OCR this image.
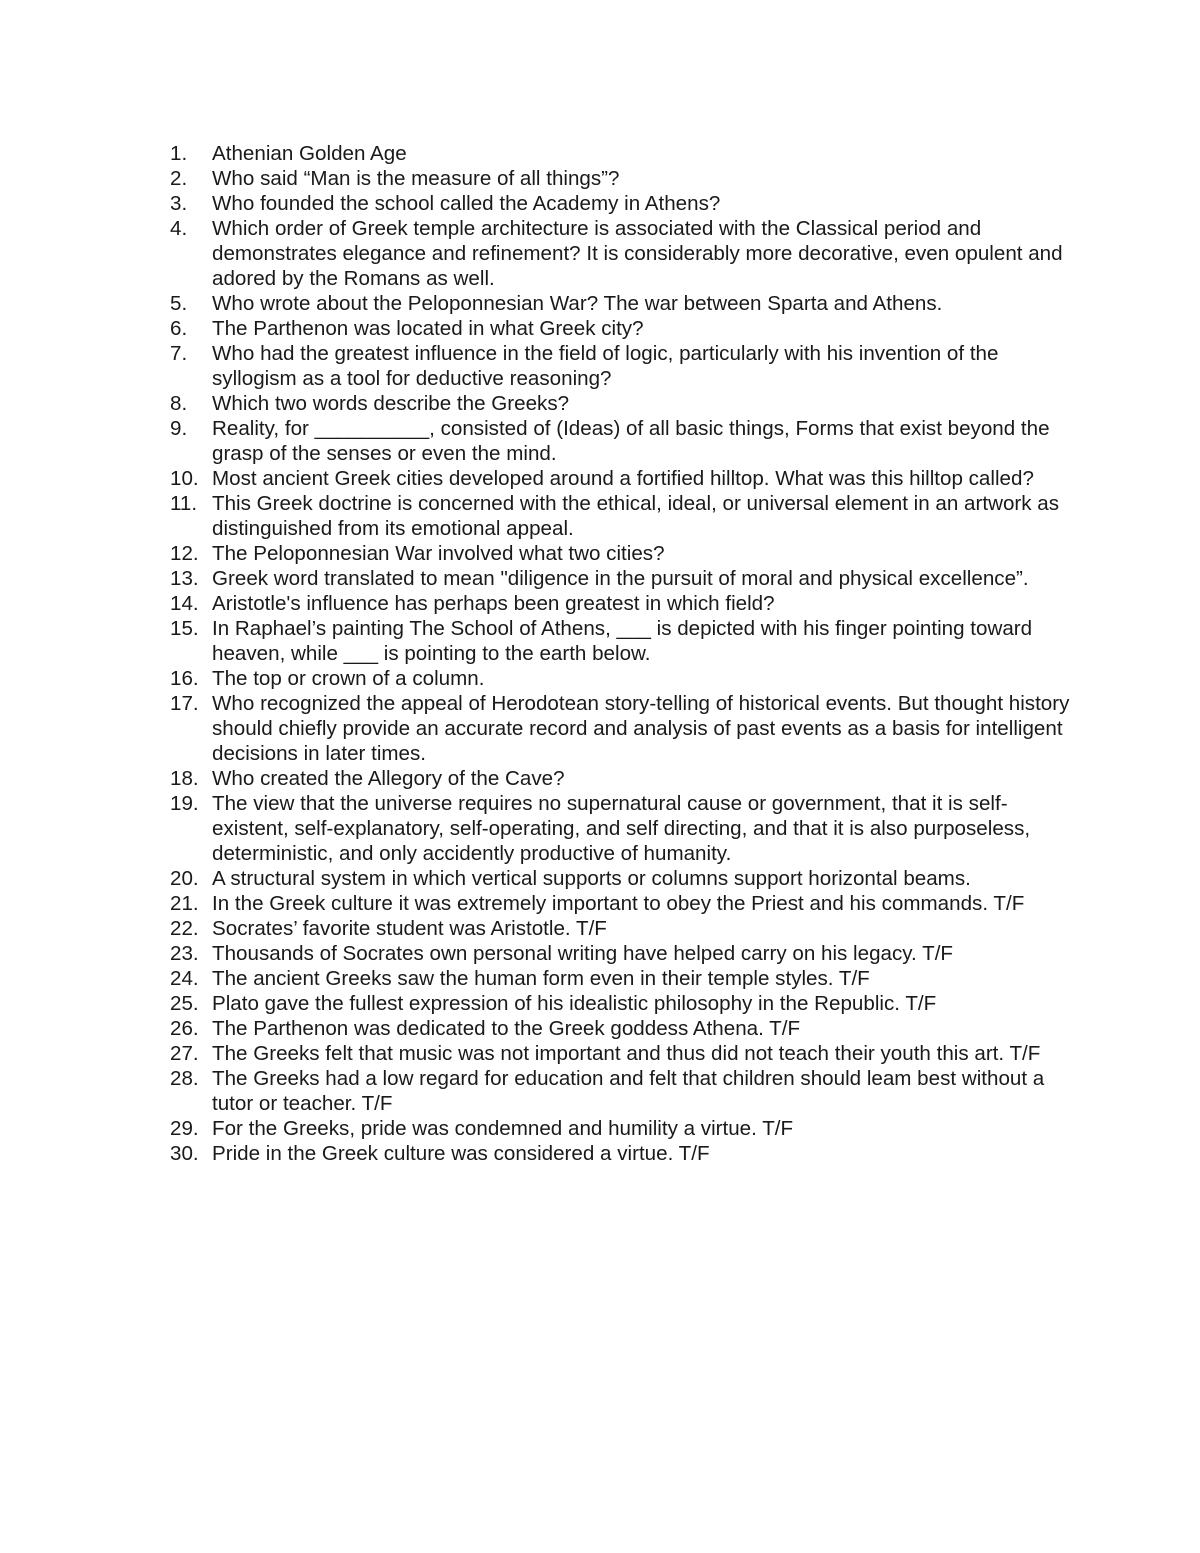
1.	Athenian Golden Age
2.	Who said “Man is the measure of all things”?
3.	Who founded the school called the Academy in Athens?
4.	Which order of Greek temple architecture is associated with the Classical period and demonstrates elegance and refinement? It is considerably more decorative, even opulent and adored by the Romans as well.
5.	Who wrote about the Peloponnesian War? The war between Sparta and Athens.
6.	The Parthenon was located in what Greek city?
7.	Who had the greatest influence in the field of logic, particularly with his invention of the syllogism as a tool for deductive reasoning?
8.	Which two words describe the Greeks?
9.	Reality, for __________, consisted of (Ideas) of all basic things, Forms that exist beyond the grasp of the senses or even the mind.
10. Most ancient Greek cities developed around a fortified hilltop. What was this hilltop called?
11. This Greek doctrine is concerned with the ethical, ideal, or universal element in an artwork as distinguished from its emotional appeal.
12. The Peloponnesian War involved what two cities?
13. Greek word translated to mean "diligence in the pursuit of moral and physical excellence”.
14. Aristotle's influence has perhaps been greatest in which field?
15. In Raphael’s painting The School of Athens, ___ is depicted with his finger pointing toward heaven, while ___ is pointing to the earth below.
16. The top or crown of a column.
17. Who recognized the appeal of Herodotean story-telling of historical events. But thought history should chiefly provide an accurate record and analysis of past events as a basis for intelligent decisions in later times.
18. Who created the Allegory of the Cave?
19. The view that the universe requires no supernatural cause or government, that it is self-existent, self-explanatory, self-operating, and self directing, and that it is also purposeless, deterministic, and only accidently productive of humanity.
20. A structural system in which vertical supports or columns support horizontal beams.
21. In the Greek culture it was extremely important to obey the Priest and his commands. T/F
22. Socrates’ favorite student was Aristotle. T/F
23. Thousands of Socrates own personal writing have helped carry on his legacy. T/F
24. The ancient Greeks saw the human form even in their temple styles. T/F
25. Plato gave the fullest expression of his idealistic philosophy in the Republic. T/F
26. The Parthenon was dedicated to the Greek goddess Athena. T/F
27. The Greeks felt that music was not important and thus did not teach their youth this art. T/F
28. The Greeks had a low regard for education and felt that children should leam best without a tutor or teacher. T/F
29. For the Greeks, pride was condemned and humility a virtue. T/F
30. Pride in the Greek culture was considered a virtue. T/F
